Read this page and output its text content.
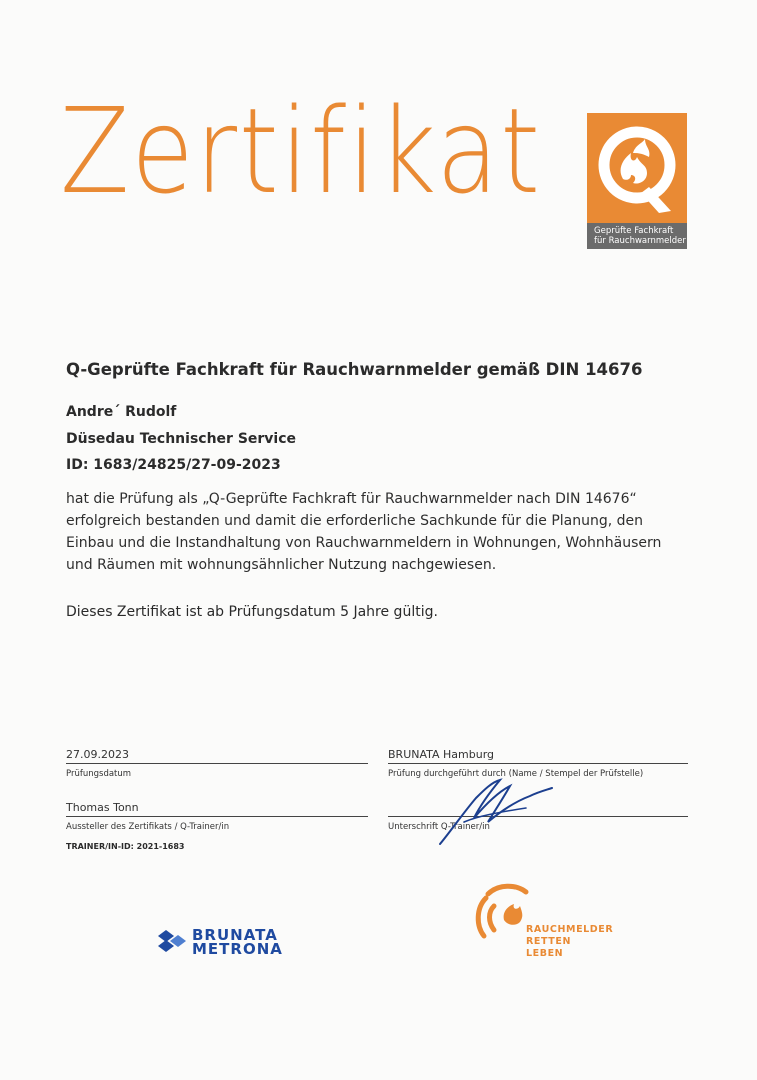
Zertifikat
Geprüfte Fachkraft
für Rauchwarnmelder
Q-Geprüfte Fachkraft für Rauchwarnmelder gemäß DIN 14676
Andre´ Rudolf
Düsedau Technischer Service
ID: 1683/24825/27-09-2023
hat die Prüfung als „Q-Geprüfte Fachkraft für Rauchwarnmelder nach DIN 14676“
erfolgreich bestanden und damit die erforderliche Sachkunde für die Planung, den
Einbau und die Instandhaltung von Rauchwarnmeldern in Wohnungen, Wohnhäusern
und Räumen mit wohnungsähnlicher Nutzung nachgewiesen.
Dieses Zertifikat ist ab Prüfungsdatum 5 Jahre gültig.
27.09.2023
Prüfungsdatum
BRUNATA Hamburg
Prüfung durchgeführt durch (Name / Stempel der Prüfstelle)
Thomas Tonn
Aussteller des Zertifikats / Q-Trainer/in
TRAINER/IN-ID: 2021-1683
Unterschrift Q-Trainer/in
BRUNATA
METRONA
RAUCHMELDER
RETTEN
LEBEN
